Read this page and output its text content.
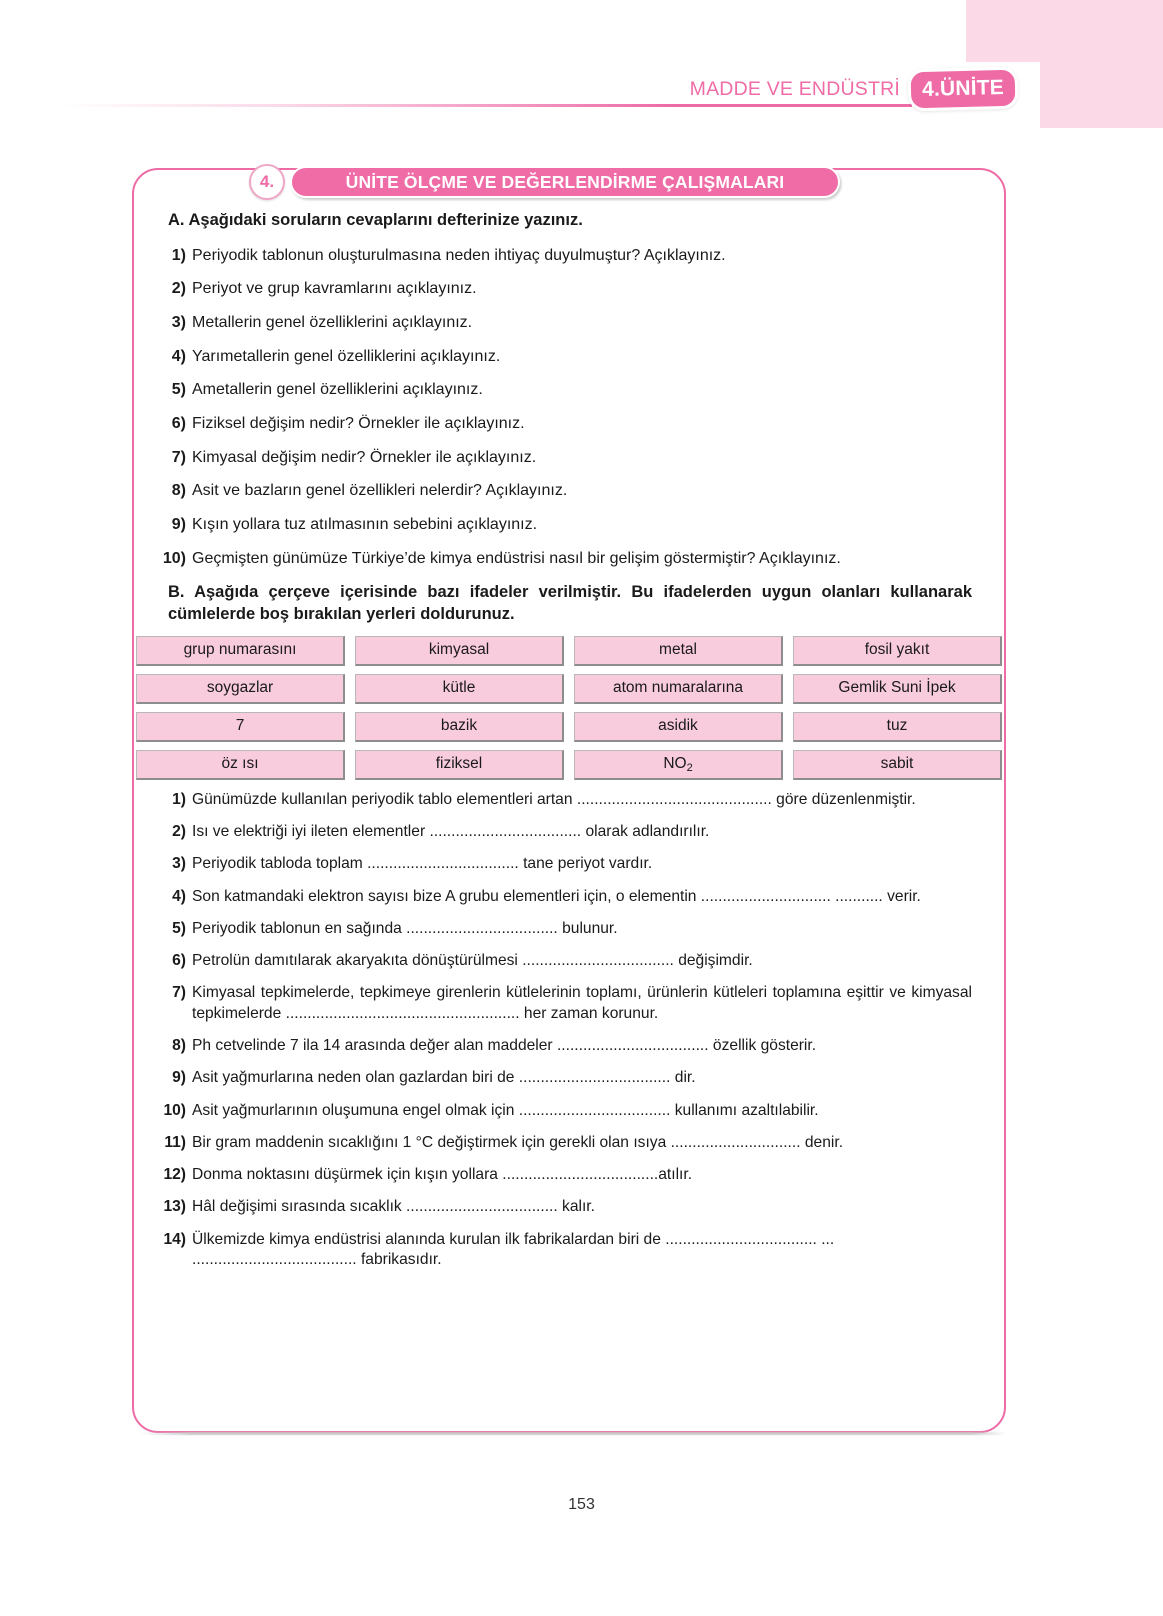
MADDE VE ENDÜSTRİ 4.ÜNİTE
4.	ÜNİTE ÖLÇME VE DEĞERLENDİRME ÇALIŞMALARI
A. Aşağıdaki soruların cevaplarını defterinize yazınız.
1) Periyodik tablonun oluşturulmasına neden ihtiyaç duyulmuştur? Açıklayınız.
2) Periyot ve grup kavramlarını açıklayınız.
3) Metallerin genel özelliklerini açıklayınız.
4) Yarımetallerin genel özelliklerini açıklayınız.
5) Ametallerin genel özelliklerini açıklayınız.
6) Fiziksel değişim nedir? Örnekler ile açıklayınız.
7) Kimyasal değişim nedir? Örnekler ile açıklayınız.
8) Asit ve bazların genel özellikleri nelerdir? Açıklayınız.
9) Kışın yollara tuz atılmasının sebebini açıklayınız.
10) Geçmişten günümüze Türkiye’de kimya endüstrisi nasıl bir gelişim göstermiştir? Açıklayınız.
B. Aşağıda çerçeve içerisinde bazı ifadeler verilmiştir. Bu ifadelerden uygun olanları kullanarak cümlelerde boş bırakılan yerleri doldurunuz.
grup numarasını	kimyasal	metal	fosil yakıt
soygazlar	kütle	atom numaralarına	Gemlik Suni İpek
7	bazik	asidik	tuz
öz ısı	fiziksel	$NO_2$	sabit
1) Günümüzde kullanılan periyodik tablo elementleri artan ............................................. göre düzenlenmiştir.
2) Isı ve elektriği iyi ileten elementler ................................... olarak adlandırılır.
3) Periyodik tabloda toplam ................................... tane periyot vardır.
4) Son katmandaki elektron sayısı bize A grubu elementleri için, o elementin .............................. ........... verir.
5) Periyodik tablonun en sağında ................................... bulunur.
6) Petrolün damıtılarak akaryakıta dönüştürülmesi ................................... değişimdir.
7) Kimyasal tepkimelerde, tepkimeye girenlerin kütlelerinin toplamı, ürünlerin kütleleri toplamına eşittir ve kimyasal tepkimelerde ...................................................... her zaman korunur.
8) Ph cetvelinde 7 ila 14 arasında değer alan maddeler ................................... özellik gösterir.
9) Asit yağmurlarına neden olan gazlardan biri de ................................... dir.
10) Asit yağmurlarının oluşumuna engel olmak için ................................... kullanımı azaltılabilir.
11) Bir gram maddenin sıcaklığını 1 °C değiştirmek için gerekli olan ısıya .............................. denir.
12) Donma noktasını düşürmek için kışın yollara ....................................atılır.
13) Hâl değişimi sırasında sıcaklık ................................... kalır.
14) Ülkemizde kimya endüstrisi alanında kurulan ilk fabrikalardan biri de ................................... ... ...................................... fabrikasıdır.
153
